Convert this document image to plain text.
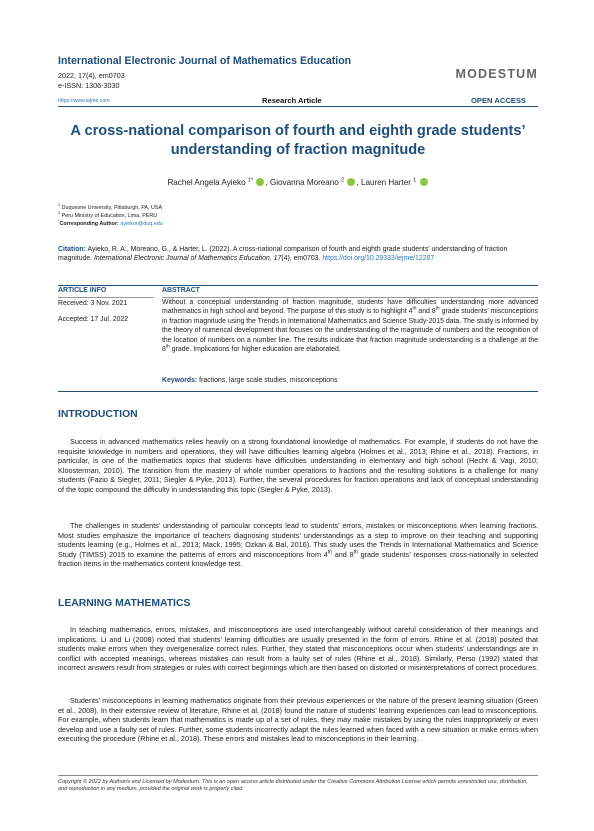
International Electronic Journal of Mathematics Education
2022, 17(4), em0703
e-ISSN: 1306-3030
https://www.iejme.com
MODESTUM
Research Article	OPEN ACCESS
A cross-national comparison of fourth and eighth grade students’ understanding of fraction magnitude
Rachel Angela Ayieko $^{1*}$ , Giovanna Moreano $^2$ , Lauren Harter $^1$
$^1$ Duquesne University, Pittsburgh, PA, USA
$^2$ Peru Ministry of Education, Lima, PERU
*Corresponding Author: ayiekor@duq.edu
Citation: Ayieko, R. A., Moreano, G., & Harter, L. (2022). A cross-national comparison of fourth and eighth grade students’ understanding of fraction magnitude. International Electronic Journal of Mathematics Education, 17(4), em0703. https://doi.org/10.29333/iejme/12287
ARTICLE INFO	ABSTRACT
Received: 3 Nov. 2021
Accepted: 17 Jul. 2022
Without a conceptual understanding of fraction magnitude, students have difficulties understanding more advanced mathematics in high school and beyond. The purpose of this study is to highlight 4th and 8th grade students’ misconceptions in fraction magnitude using the Trends in International Mathematics and Science Study-2015 data. The study is informed by the theory of numerical development that focuses on the understanding of the magnitude of numbers and the recognition of the location of numbers on a number line. The results indicate that fraction magnitude understanding is a challenge at the 8th grade. Implications for higher education are elaborated.
Keywords: fractions, large scale studies, misconceptions
INTRODUCTION
Success in advanced mathematics relies heavily on a strong foundational knowledge of mathematics. For example, if students do not have the requisite knowledge in numbers and operations, they will have difficulties learning algebra (Holmes et al., 2013; Rhine et al., 2018). Fractions, in particular, is one of the mathematics topics that students have difficulties understanding in elementary and high school (Hecht & Vagi, 2010; Kloosterman, 2010). The transition from the mastery of whole number operations to fractions and the resulting solutions is a challenge for many students (Fazio & Siegler, 2011; Siegler & Pyke, 2013). Further, the several procedures for fraction operations and lack of conceptual understanding of the topic compound the difficulty in understanding this topic (Siegler & Pyke, 2013).
The challenges in students’ understanding of particular concepts lead to students’ errors, mistakes or misconceptions when learning fractions. Most studies emphasize the importance of teachers diagnosing students’ understandings as a step to improve on their teaching and supporting students learning (e.g., Holmes et al., 2013; Mack, 1995; Ozkan & Bal, 2016). This study uses the Trends in International Mathematics and Science Study (TIMSS) 2015 to examine the patterns of errors and misconceptions from 4th and 8th grade students’ responses cross-nationally in selected fraction items in the mathematics content knowledge test.
LEARNING MATHEMATICS
In teaching mathematics, errors, mistakes, and misconceptions are used interchangeably without careful consideration of their meanings and implications. Li and Li (2008) noted that students’ learning difficulties are usually presented in the form of errors. Rhine et al. (2018) posited that students make errors when they overgeneralize correct rules. Further, they stated that misconceptions occur when students’ understandings are in conflict with accepted meanings, whereas mistakes can result from a faulty set of rules (Rhine et al., 2018). Similarly, Perso (1992) stated that incorrect answers result from strategies or rules with correct beginnings which are then based on distorted or misinterpretations of correct procedures.
Students’ misconceptions in learning mathematics originate from their previous experiences or the nature of the present learning situation (Green et al., 2008). In their extensive review of literature, Rhine et al. (2018) found the nature of students’ learning experiences can lead to misconceptions. For example, when students learn that mathematics is made up of a set of rules, they may make mistakes by using the rules inappropriately or even develop and use a faulty set of rules. Further, some students incorrectly adapt the rules learned when faced with a new situation or make errors when executing the procedure (Rhine et al., 2018). These errors and mistakes lead to misconceptions in their learning.
Copyright © 2022 by Author/s and Licensed by Modestum. This is an open access article distributed under the Creative Commons Attribution License which permits unrestricted use, distribution, and reproduction in any medium, provided the original work is properly cited.
